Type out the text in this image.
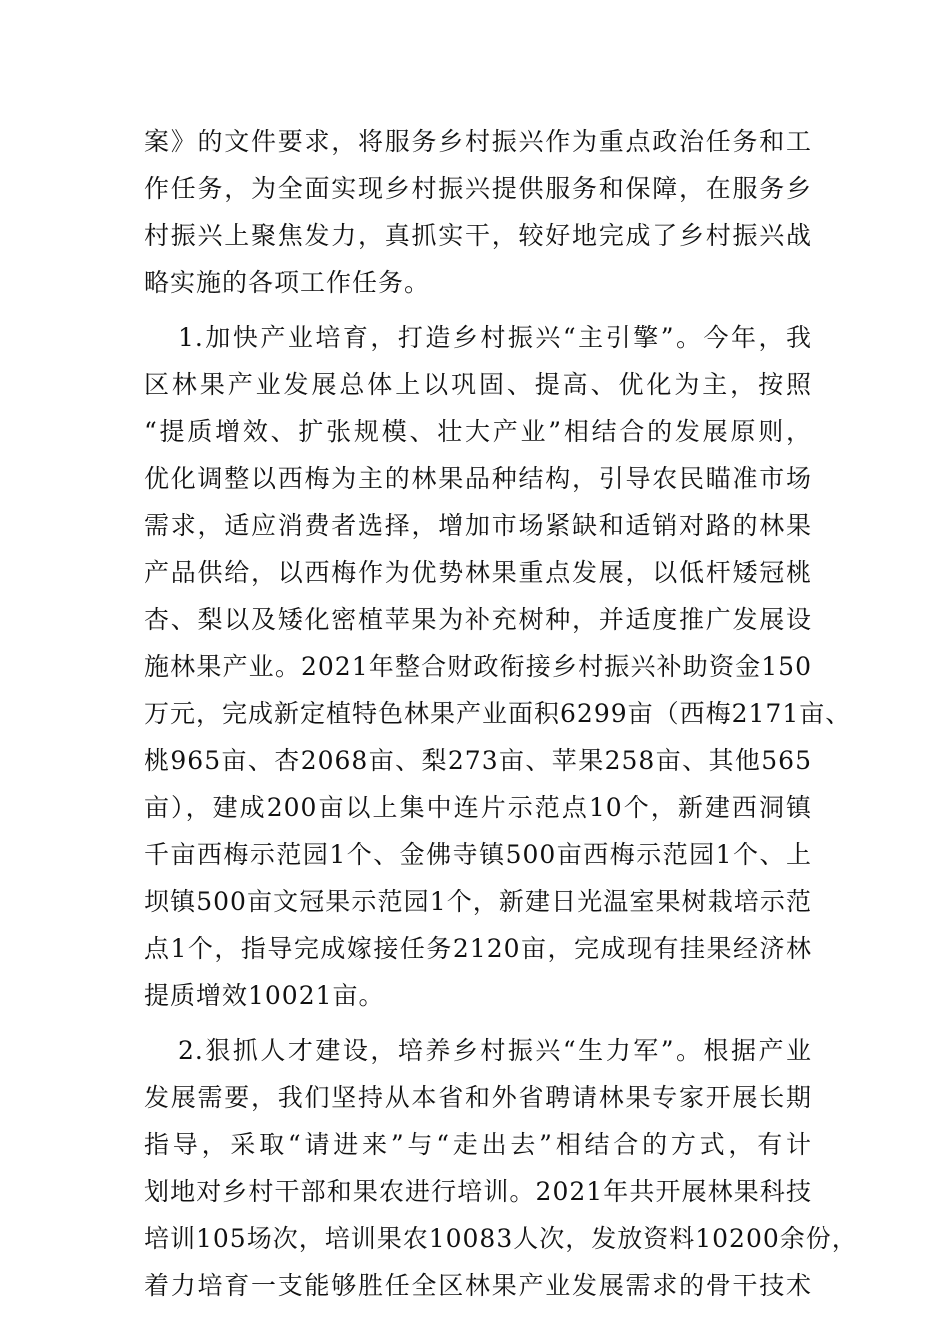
案》的文件要求，将服务乡村振兴作为重点政治任务和工
作任务，为全面实现乡村振兴提供服务和保障，在服务乡
村振兴上聚焦发力，真抓实干，较好地完成了乡村振兴战
略实施的各项工作任务。
1.加快产业培育，打造乡村振兴“主引擎”。今年，我
区林果产业发展总体上以巩固、提高、优化为主，按照
“提质增效、扩张规模、壮大产业”相结合的发展原则，
优化调整以西梅为主的林果品种结构，引导农民瞄准市场
需求，适应消费者选择，增加市场紧缺和适销对路的林果
产品供给，以西梅作为优势林果重点发展，以低杆矮冠桃
杏、梨以及矮化密植苹果为补充树种，并适度推广发展设
施林果产业。2021年整合财政衔接乡村振兴补助资金150
万元，完成新定植特色林果产业面积6299亩（西梅2171亩、
桃965亩、杏2068亩、梨273亩、苹果258亩、其他565
亩），建成200亩以上集中连片示范点10个，新建西洞镇
千亩西梅示范园1个、金佛寺镇500亩西梅示范园1个、上
坝镇500亩文冠果示范园1个，新建日光温室果树栽培示范
点1个，指导完成嫁接任务2120亩，完成现有挂果经济林
提质增效10021亩。
2.狠抓人才建设，培养乡村振兴“生力军”。根据产业
发展需要，我们坚持从本省和外省聘请林果专家开展长期
指导，采取“请进来”与“走出去”相结合的方式，有计
划地对乡村干部和果农进行培训。2021年共开展林果科技
培训105场次，培训果农10083人次，发放资料10200余份，
着力培育一支能够胜任全区林果产业发展需求的骨干技术
